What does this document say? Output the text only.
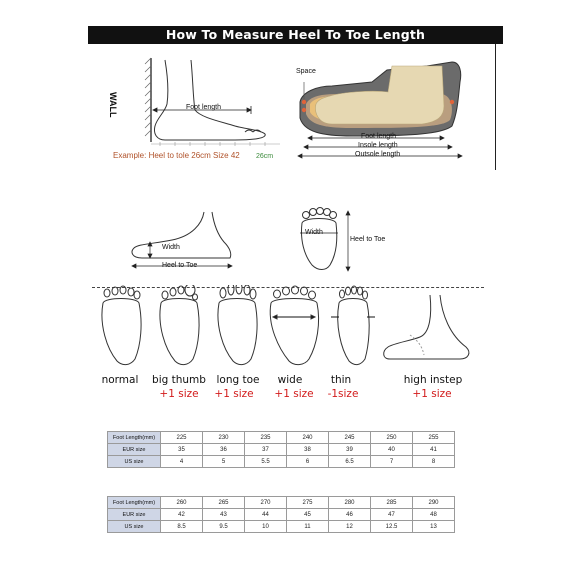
How To Measure Heel To Toe Length
WALL	Foot length
Example: Heel to tole 26cm Size 42 26cm
Space
Foot length
Insole length
Outsole length
Width
Heel to Toe
Width
Heel to Toe
normal	big thumb
+1 size
long toe
+1 size
wide
+1 size
thin
-1size
high instep
+1 size
Foot Length(mm)	225	230	235	240	245	250	255
EUR size	35	36	37	38	39	40	41
US size	4	5	5.5	6	6.5	7	8
Foot Length(mm)	260	265	270	275	280	285	290
EUR size	42	43	44	45	46	47	48
US size	8.5	9.5	10	11	12	12.5	13
